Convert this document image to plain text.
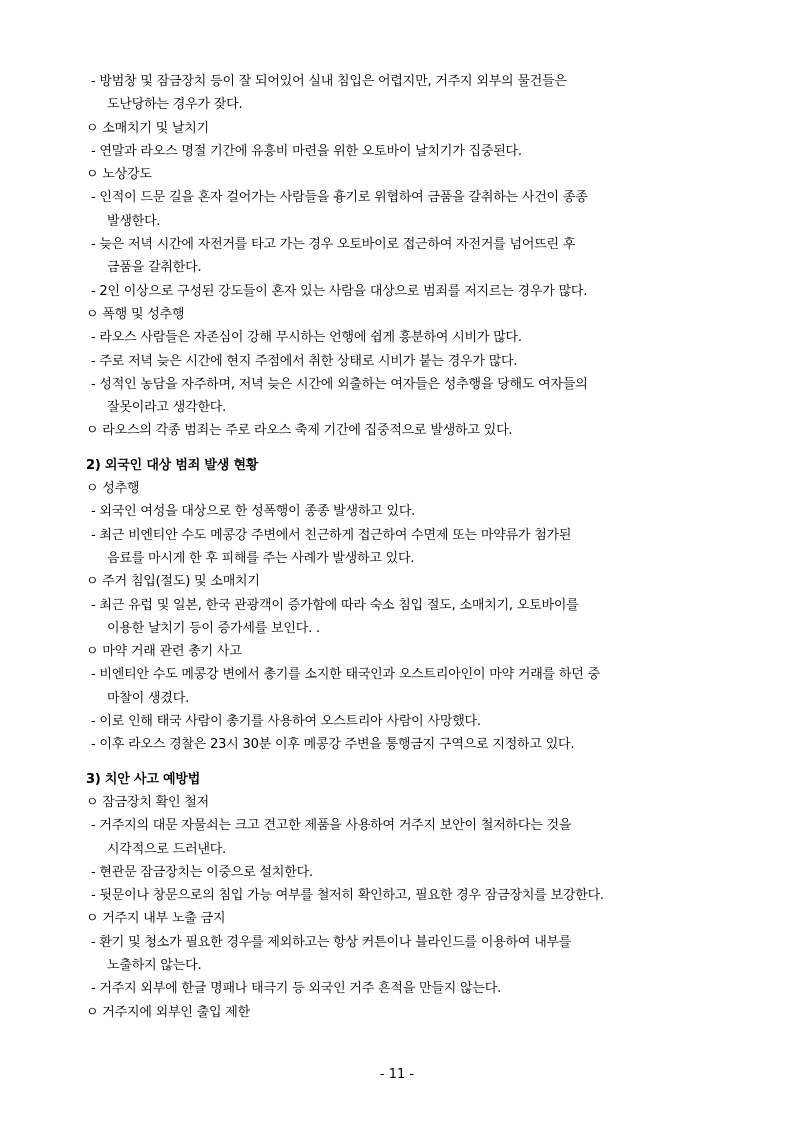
- 방범창 및 잠금장치 등이 잘 되어있어 실내 침입은 어렵지만, 거주지 외부의 물건들은
도난당하는 경우가 잦다.
ㅇ 소매치기 및 날치기
- 연말과 라오스 명절 기간에 유흥비 마련을 위한 오토바이 날치기가 집중된다.
ㅇ 노상강도
- 인적이 드문 길을 혼자 걸어가는 사람들을 흉기로 위협하여 금품을 갈취하는 사건이 종종
발생한다.
- 늦은 저녁 시간에 자전거를 타고 가는 경우 오토바이로 접근하여 자전거를 넘어뜨린 후
금품을 갈취한다.
- 2인 이상으로 구성된 강도들이 혼자 있는 사람을 대상으로 범죄를 저지르는 경우가 많다.
ㅇ 폭행 및 성추행
- 라오스 사람들은 자존심이 강해 무시하는 언행에 쉽게 흥분하여 시비가 많다.
- 주로 저녁 늦은 시간에 현지 주점에서 취한 상태로 시비가 붙는 경우가 많다.
- 성적인 농담을 자주하며, 저녁 늦은 시간에 외출하는 여자들은 성추행을 당해도 여자들의
잘못이라고 생각한다.
ㅇ 라오스의 각종 범죄는 주로 라오스 축제 기간에 집중적으로 발생하고 있다.
2) 외국인 대상 범죄 발생 현황
ㅇ 성추행
- 외국인 여성을 대상으로 한 성폭행이 종종 발생하고 있다.
- 최근 비엔티안 수도 메콩강 주변에서 친근하게 접근하여 수면제 또는 마약류가 첨가된
음료를 마시게 한 후 피해를 주는 사례가 발생하고 있다.
ㅇ 주거 침입(절도) 및 소매치기
- 최근 유럽 및 일본, 한국 관광객이 증가함에 따라 숙소 침입 절도, 소매치기, 오토바이를
이용한 날치기 등이 증가세를 보인다. .
ㅇ 마약 거래 관련 총기 사고
- 비엔티안 수도 메콩강 변에서 총기를 소지한 태국인과 오스트리아인이 마약 거래를 하던 중
마찰이 생겼다.
- 이로 인해 태국 사람이 총기를 사용하여 오스트리아 사람이 사망했다.
- 이후 라오스 경찰은 23시 30분 이후 메콩강 주변을 통행금지 구역으로 지정하고 있다.
3) 치안 사고 예방법
ㅇ 잠금장치 확인 철저
- 거주지의 대문 자물쇠는 크고 견고한 제품을 사용하여 거주지 보안이 철저하다는 것을
시각적으로 드러낸다.
- 현관문 잠금장치는 이중으로 설치한다.
- 뒷문이나 창문으로의 침입 가능 여부를 철저히 확인하고, 필요한 경우 잠금장치를 보강한다.
ㅇ 거주지 내부 노출 금지
- 환기 및 청소가 필요한 경우를 제외하고는 항상 커튼이나 블라인드를 이용하여 내부를
노출하지 않는다.
- 거주지 외부에 한글 명패나 태극기 등 외국인 거주 흔적을 만들지 않는다.
ㅇ 거주지에 외부인 출입 제한
- 11 -
